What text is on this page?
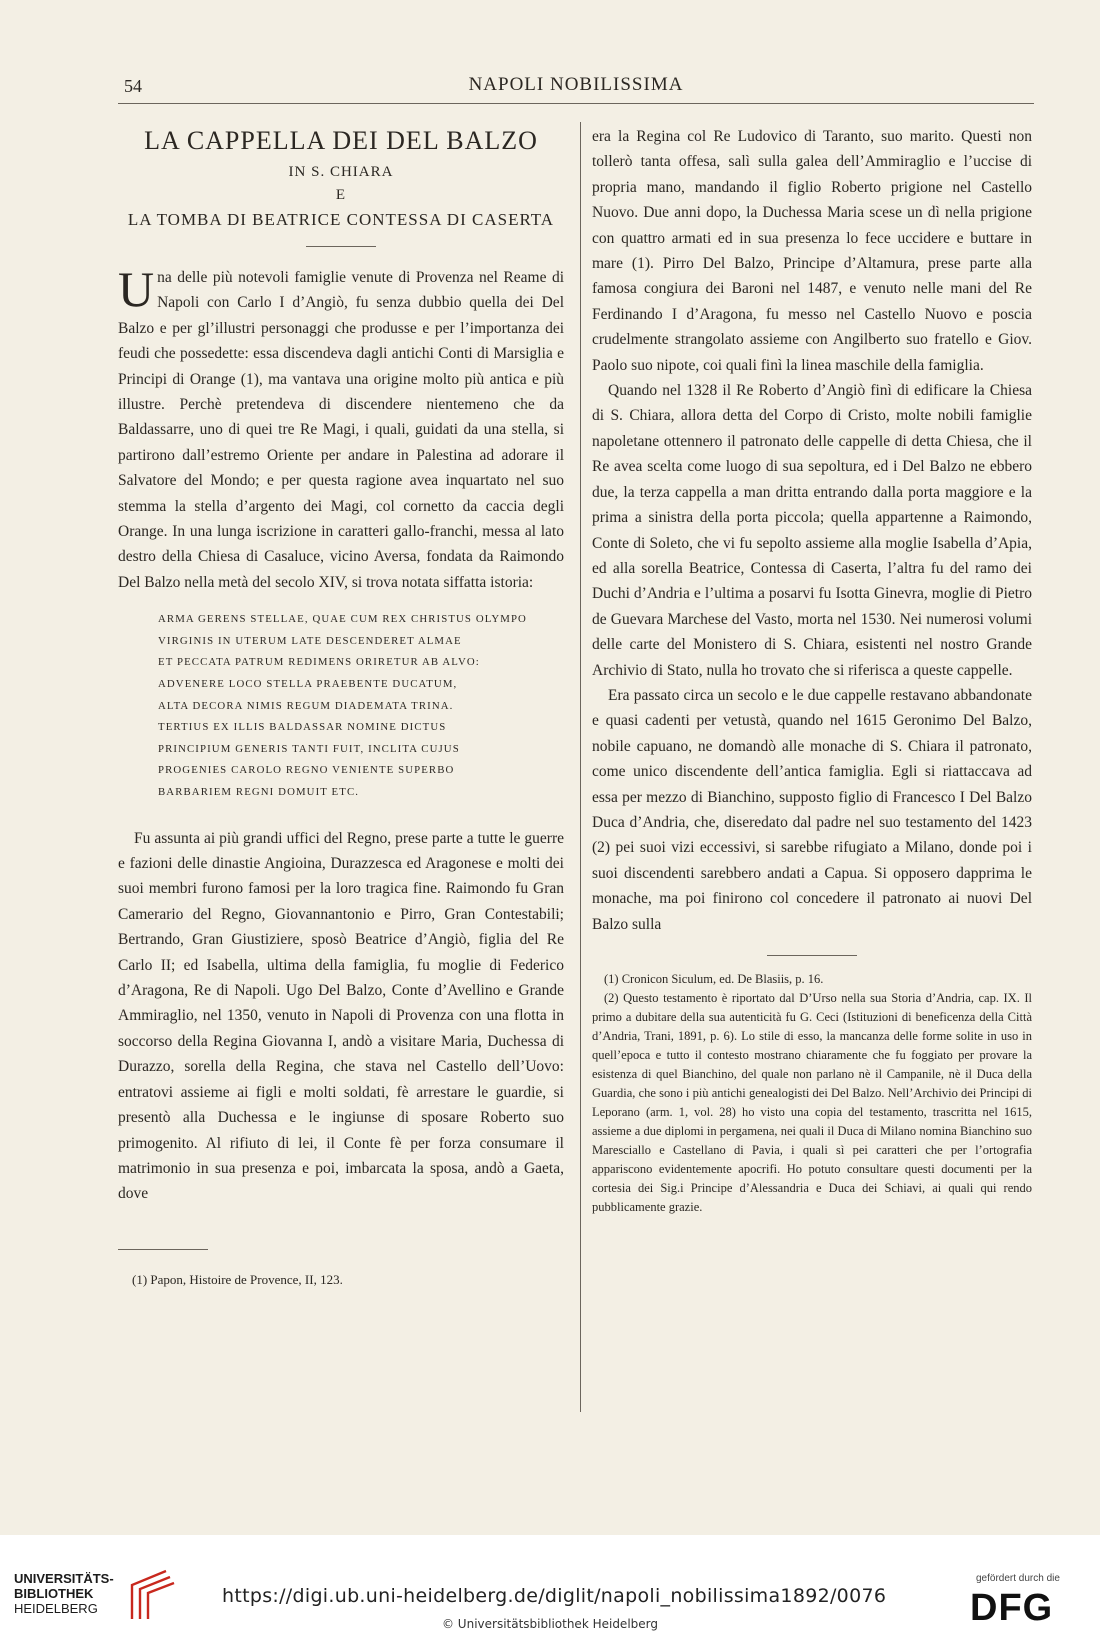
54	NAPOLI NOBILISSIMA
LA CAPPELLA DEI DEL BALZO
IN S. CHIARA
E
LA TOMBA DI BEATRICE CONTESSA DI CASERTA

Una delle più notevoli famiglie venute di Provenza nel Reame di Napoli con Carlo I d’Angiò, fu senza dubbio quella dei Del Balzo e per gl’illustri personaggi che produsse e per l’importanza dei feudi che possedette: essa discendeva dagli antichi Conti di Marsiglia e Principi di Orange (1), ma vantava una origine molto più antica e più illustre. Perchè pretendeva di discendere nientemeno che da Baldassarre, uno di quei tre Re Magi, i quali, guidati da una stella, si partirono dall’estremo Oriente per andare in Palestina ad adorare il Salvatore del Mondo; e per questa ragione avea inquartato nel suo stemma la stella d’argento dei Magi, col cornetto da caccia degli Orange. In una lunga iscrizione in caratteri gallo-franchi, messa al lato destro della Chiesa di Casaluce, vicino Aversa, fondata da Raimondo Del Balzo nella metà del secolo XIV, si trova notata siffatta istoria:

ARMA GERENS STELLAE, QUAE CUM REX CHRISTUS OLYMPO
VIRGINIS IN UTERUM LATE DESCENDERET ALMAE
ET PECCATA PATRUM REDIMENS ORIRETUR AB ALVO:
ADVENERE LOCO STELLA PRAEBENTE DUCATUM,
ALTA DECORA NIMIS REGUM DIADEMATA TRINA.
TERTIUS EX ILLIS BALDASSAR NOMINE DICTUS
PRINCIPIUM GENERIS TANTI FUIT, INCLITA CUJUS
PROGENIES CAROLO REGNO VENIENTE SUPERBO
BARBARIEM REGNI DOMUIT ETC.

Fu assunta ai più grandi uffici del Regno, prese parte a tutte le guerre e fazioni delle dinastie Angioina, Durazzesca ed Aragonese e molti dei suoi membri furono famosi per la loro tragica fine. Raimondo fu Gran Camerario del Regno, Giovannantonio e Pirro, Gran Contestabili; Bertrando, Gran Giustiziere, sposò Beatrice d’Angiò, figlia del Re Carlo II; ed Isabella, ultima della famiglia, fu moglie di Federico d’Aragona, Re di Napoli. Ugo Del Balzo, Conte d’Avellino e Grande Ammiraglio, nel 1350, venuto in Napoli di Provenza con una flotta in soccorso della Regina Giovanna I, andò a visitare Maria, Duchessa di Durazzo, sorella della Regina, che stava nel Castello dell’Uovo: entratovi assieme ai figli e molti soldati, fè arrestare le guardie, si presentò alla Duchessa e le ingiunse di sposare Roberto suo primogenito. Al rifiuto di lei, il Conte fè per forza consumare il matrimonio in sua presenza e poi, imbarcata la sposa, andò a Gaeta, dove

(1) Papon, Histoire de Provence, II, 123.

era la Regina col Re Ludovico di Taranto, suo marito. Questi non tollerò tanta offesa, salì sulla galea dell’Ammiraglio e l’uccise di propria mano, mandando il figlio Roberto prigione nel Castello Nuovo. Due anni dopo, la Duchessa Maria scese un dì nella prigione con quattro armati ed in sua presenza lo fece uccidere e buttare in mare (1). Pirro Del Balzo, Principe d’Altamura, prese parte alla famosa congiura dei Baroni nel 1487, e venuto nelle mani del Re Ferdinando I d’Aragona, fu messo nel Castello Nuovo e poscia crudelmente strangolato assieme con Angilberto suo fratello e Giov. Paolo suo nipote, coi quali finì la linea maschile della famiglia.

Quando nel 1328 il Re Roberto d’Angiò finì di edificare la Chiesa di S. Chiara, allora detta del Corpo di Cristo, molte nobili famiglie napoletane ottennero il patronato delle cappelle di detta Chiesa, che il Re avea scelta come luogo di sua sepoltura, ed i Del Balzo ne ebbero due, la terza cappella a man dritta entrando dalla porta maggiore e la prima a sinistra della porta piccola; quella appartenne a Raimondo, Conte di Soleto, che vi fu sepolto assieme alla moglie Isabella d’Apia, ed alla sorella Beatrice, Contessa di Caserta, l’altra fu del ramo dei Duchi d’Andria e l’ultima a posarvi fu Isotta Ginevra, moglie di Pietro de Guevara Marchese del Vasto, morta nel 1530. Nei numerosi volumi delle carte del Monistero di S. Chiara, esistenti nel nostro Grande Archivio di Stato, nulla ho trovato che si riferisca a queste cappelle.

Era passato circa un secolo e le due cappelle restavano abbandonate e quasi cadenti per vetustà, quando nel 1615 Geronimo Del Balzo, nobile capuano, ne domandò alle monache di S. Chiara il patronato, come unico discendente dell’antica famiglia. Egli si riattaccava ad essa per mezzo di Bianchino, supposto figlio di Francesco I Del Balzo Duca d’Andria, che, diseredato dal padre nel suo testamento del 1423 (2) pei suoi vizi eccessivi, si sarebbe rifugiato a Milano, donde poi i suoi discendenti sarebbero andati a Capua. Si opposero dapprima le monache, ma poi finirono col concedere il patronato ai nuovi Del Balzo sulla

(1) Cronicon Siculum, ed. De Blasiis, p. 16.

(2) Questo testamento è riportato dal D’Urso nella sua Storia d’Andria, cap. IX. Il primo a dubitare della sua autenticità fu G. Ceci (Istituzioni di beneficenza della Città d’Andria, Trani, 1891, p. 6). Lo stile di esso, la mancanza delle forme solite in uso in quell’epoca e tutto il contesto mostrano chiaramente che fu foggiato per provare la esistenza di quel Bianchino, del quale non parlano nè il Campanile, nè il Duca della Guardia, che sono i più antichi genealogisti dei Del Balzo. Nell’Archivio dei Principi di Leporano (arm. 1, vol. 28) ho visto una copia del testamento, trascritta nel 1615, assieme a due diplomi in pergamena, nei quali il Duca di Milano nomina Bianchino suo Maresciallo e Castellano di Pavia, i quali sì pei caratteri che per l’ortografia appariscono evidentemente apocrifi. Ho potuto consultare questi documenti per la cortesia dei Sig.i Principe d’Alessandria e Duca dei Schiavi, ai quali qui rendo pubblicamente grazie.

UNIVERSITÄTS-
BIBLIOTHEK
HEIDELBERG
https://digi.ub.uni-heidelberg.de/diglit/napoli_nobilissima1892/0076
© Universitätsbibliothek Heidelberg
gefördert durch die
DFG
